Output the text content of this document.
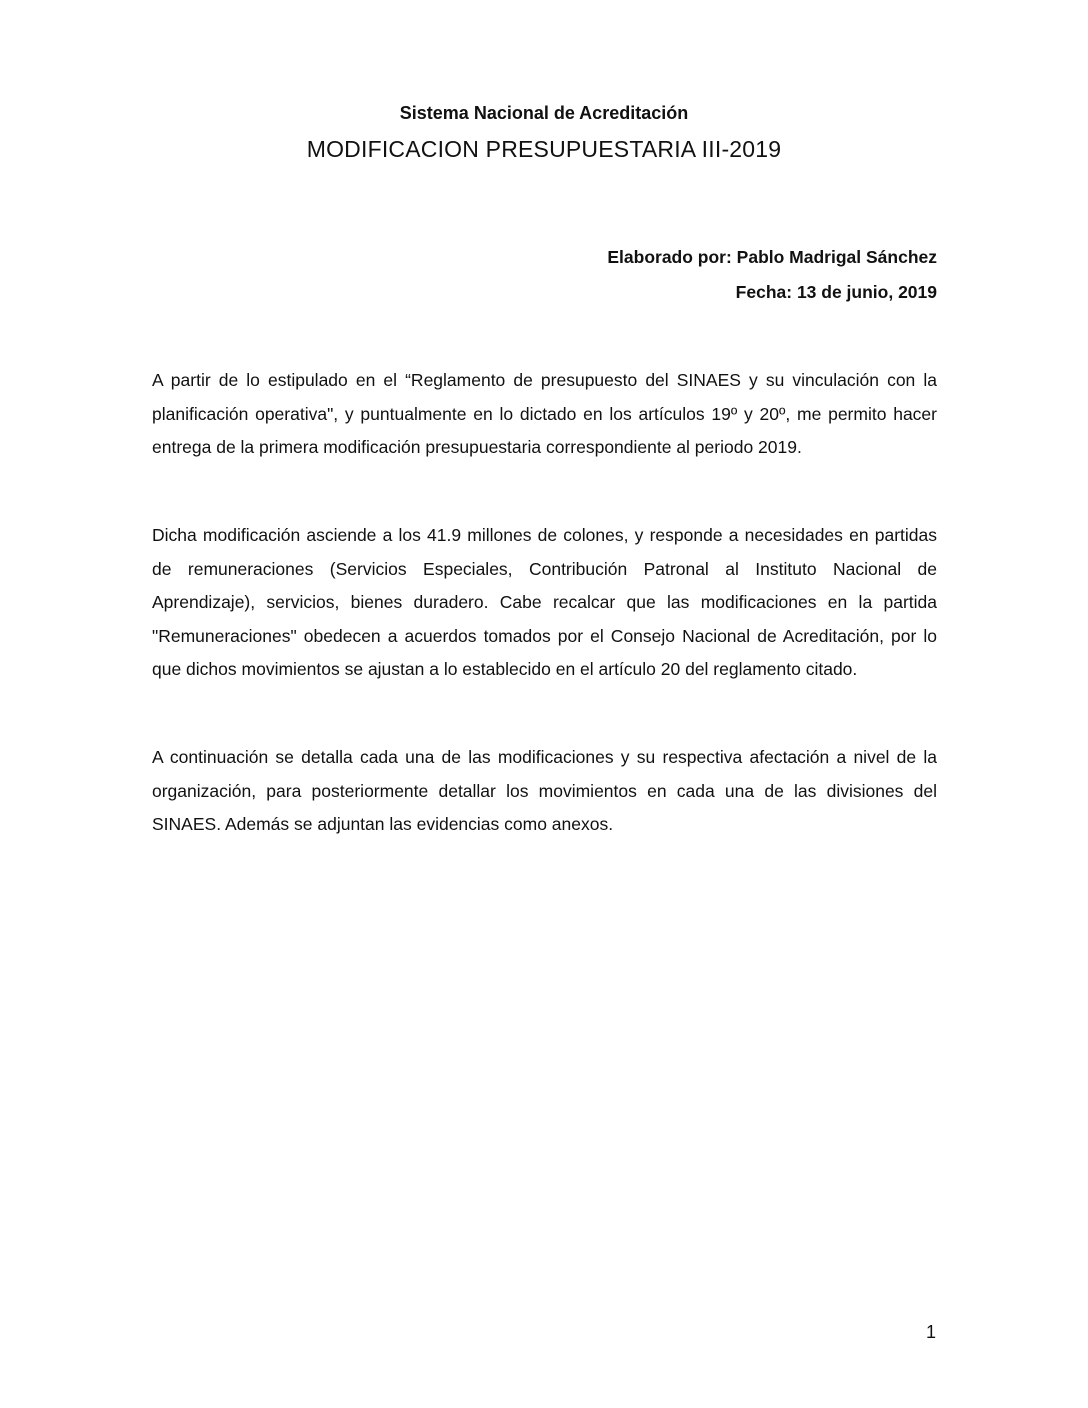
Sistema Nacional de Acreditación
MODIFICACION PRESUPUESTARIA III-2019
Elaborado por: Pablo Madrigal Sánchez
Fecha: 13 de junio, 2019

A partir de lo estipulado en el “Reglamento de presupuesto del SINAES y su vinculación con la planificación operativa", y puntualmente en lo dictado en los artículos 19º y 20º, me permito hacer entrega de la primera modificación presupuestaria correspondiente al periodo 2019.

Dicha modificación asciende a los 41.9 millones de colones, y responde a necesidades en partidas de remuneraciones (Servicios Especiales, Contribución Patronal al Instituto Nacional de Aprendizaje), servicios, bienes duradero. Cabe recalcar que las modificaciones en la partida "Remuneraciones" obedecen a acuerdos tomados por el Consejo Nacional de Acreditación, por lo que dichos movimientos se ajustan a lo establecido en el artículo 20 del reglamento citado.

A continuación se detalla cada una de las modificaciones y su respectiva afectación a nivel de la organización, para posteriormente detallar los movimientos en cada una de las divisiones del SINAES. Además se adjuntan las evidencias como anexos.

1
